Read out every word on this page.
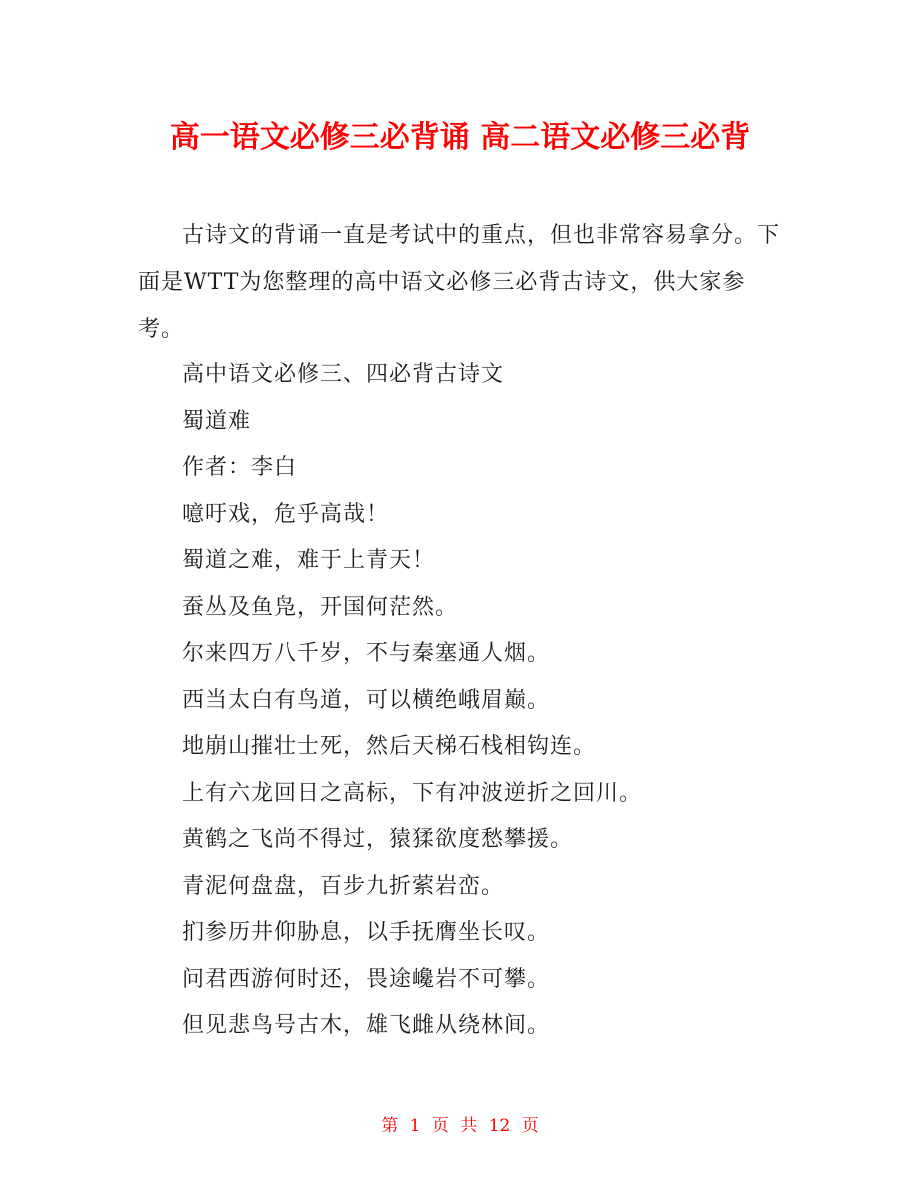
高一语文必修三必背诵 高二语文必修三必背

古诗文的背诵一直是考试中的重点，但也非常容易拿分。下面是WTT为您整理的高中语文必修三必背古诗文，供大家参考。

高中语文必修三、四必背古诗文
蜀道难
作者：李白
噫吁戏，危乎高哉！
蜀道之难，难于上青天！
蚕丛及鱼凫，开国何茫然。
尔来四万八千岁，不与秦塞通人烟。
西当太白有鸟道，可以横绝峨眉巅。
地崩山摧壮士死，然后天梯石栈相钩连。
上有六龙回日之高标，下有冲波逆折之回川。
黄鹤之飞尚不得过，猿猱欲度愁攀援。
青泥何盘盘，百步九折萦岩峦。
扪参历井仰胁息，以手抚膺坐长叹。
问君西游何时还，畏途巉岩不可攀。
但见悲鸟号古木，雄飞雌从绕林间。
第 1 页 共 12 页
